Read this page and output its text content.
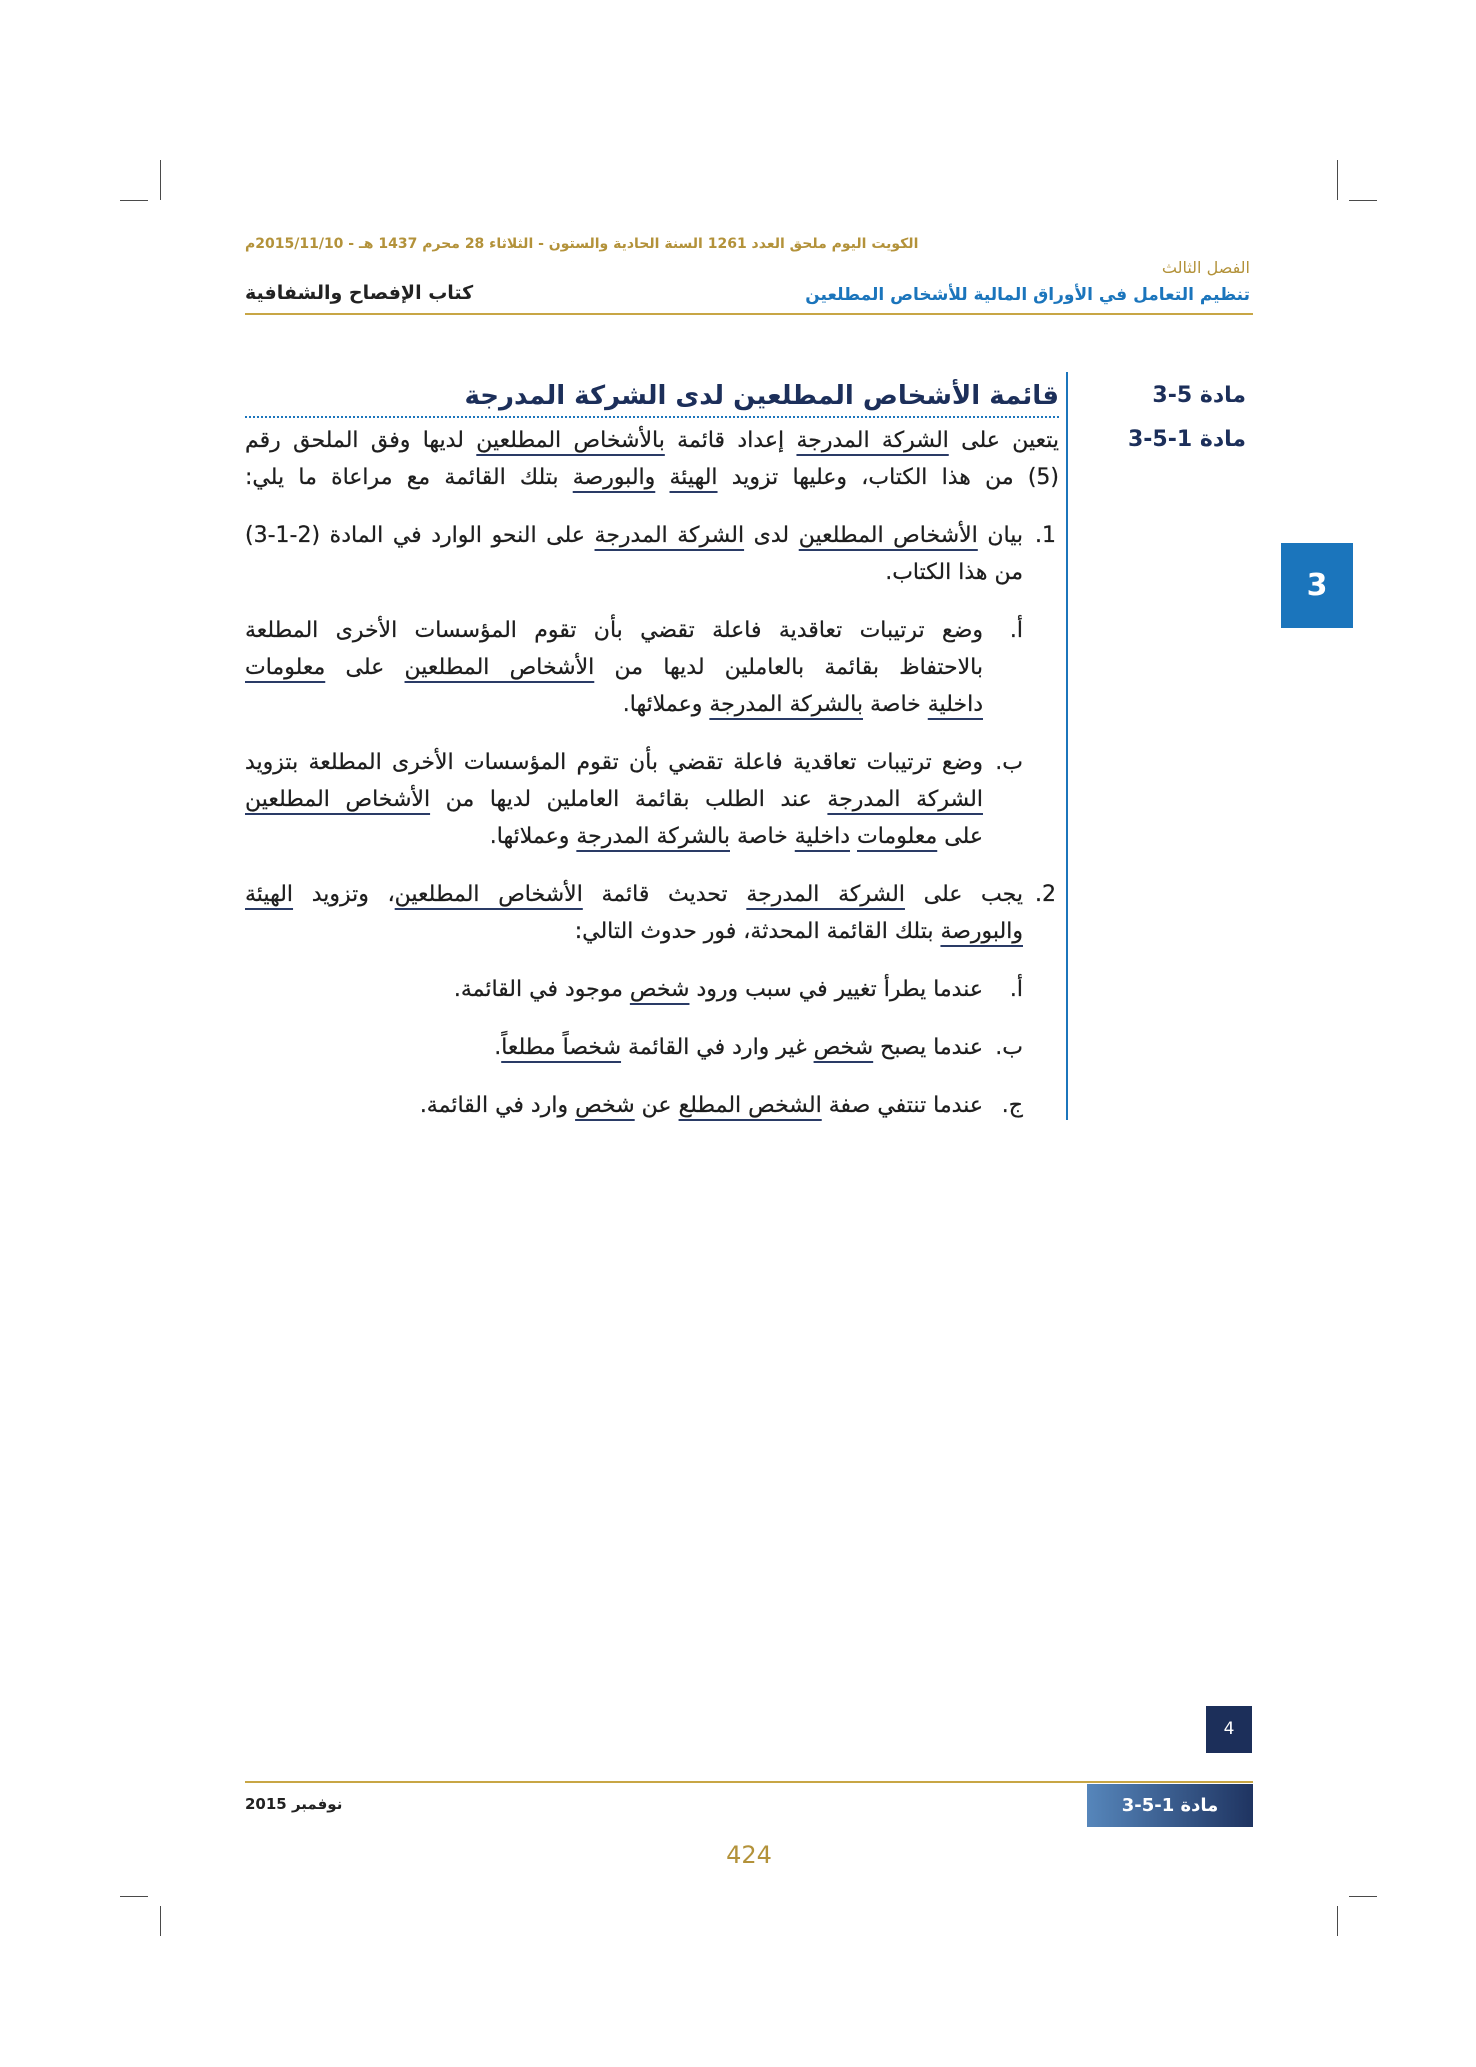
الكويت اليوم ملحق العدد 1261 السنة الحادية والستون - الثلاثاء 28 محرم 1437 هـ - 2015/11/10م
الفصل الثالث
تنظيم التعامل في الأوراق المالية للأشخاص المطلعين
كتاب الإفصاح والشفافية
3
مادة 5-3
مادة 1-5-3
قائمة الأشخاص المطلعين لدى الشركة المدرجة
يتعين على الشركة المدرجة إعداد قائمة بالأشخاص المطلعين لديها وفق الملحق رقم
(5) من هذا الكتاب، وعليها تزويد الهيئة والبورصة بتلك القائمة مع مراعاة ما يلي:
1.
بيان الأشخاص المطلعين لدى الشركة المدرجة على النحو الوارد في المادة (2-1-3)
من هذا الكتاب.
أ.
وضع ترتيبات تعاقدية فاعلة تقضي بأن تقوم المؤسسات الأخرى المطلعة
بالاحتفاظ بقائمة بالعاملين لديها من الأشخاص المطلعين على معلومات
داخلية خاصة بالشركة المدرجة وعملائها.
ب.
وضع ترتيبات تعاقدية فاعلة تقضي بأن تقوم المؤسسات الأخرى المطلعة بتزويد
الشركة المدرجة عند الطلب بقائمة العاملين لديها من الأشخاص المطلعين
على معلومات داخلية خاصة بالشركة المدرجة وعملائها.
2.
يجب على الشركة المدرجة تحديث قائمة الأشخاص المطلعين، وتزويد الهيئة
والبورصة بتلك القائمة المحدثة، فور حدوث التالي:
أ.
عندما يطرأ تغيير في سبب ورود شخص موجود في القائمة.
ب.
عندما يصبح شخص غير وارد في القائمة شخصاً مطلعاً.
ج.
عندما تنتفي صفة الشخص المطلع عن شخص وارد في القائمة.
4
مادة 1-5-3
نوفمبر 2015
424
